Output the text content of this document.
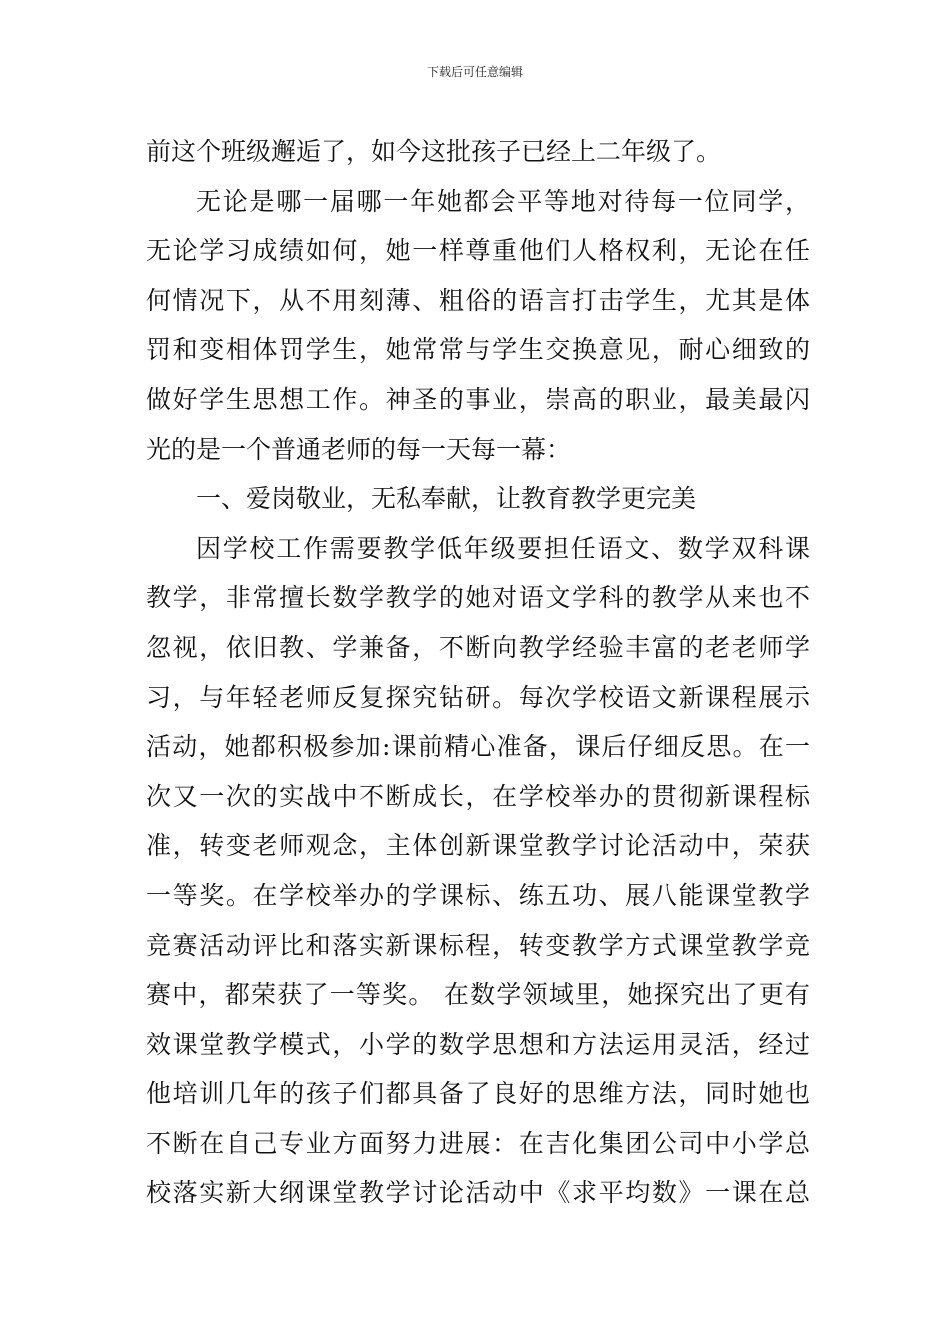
下载后可任意编辑
前这个班级邂逅了，如今这批孩子已经上二年级了。
无论是哪一届哪一年她都会平等地对待每一位同学，
无论学习成绩如何，她一样尊重他们人格权利，无论在任
何情况下，从不用刻薄、粗俗的语言打击学生，尤其是体
罚和变相体罚学生，她常常与学生交换意见，耐心细致的
做好学生思想工作。神圣的事业，崇高的职业，最美最闪
光的是一个普通老师的每一天每一幕：
一、爱岗敬业，无私奉献，让教育教学更完美
因学校工作需要教学低年级要担任语文、数学双科课
教学，非常擅长数学教学的她对语文学科的教学从来也不
忽视，依旧教、学兼备，不断向教学经验丰富的老老师学
习，与年轻老师反复探究钻研。每次学校语文新课程展示
活动，她都积极参加:课前精心准备，课后仔细反思。在一
次又一次的实战中不断成长，在学校举办的贯彻新课程标
准，转变老师观念，主体创新课堂教学讨论活动中，荣获
一等奖。在学校举办的学课标、练五功、展八能课堂教学
竞赛活动评比和落实新课标程，转变教学方式课堂教学竞
赛中，都荣获了一等奖。 在数学领域里，她探究出了更有
效课堂教学模式，小学的数学思想和方法运用灵活，经过
他培训几年的孩子们都具备了良好的思维方法，同时她也
不断在自己专业方面努力进展：在吉化集团公司中小学总
校落实新大纲课堂教学讨论活动中《求平均数》一课在总
